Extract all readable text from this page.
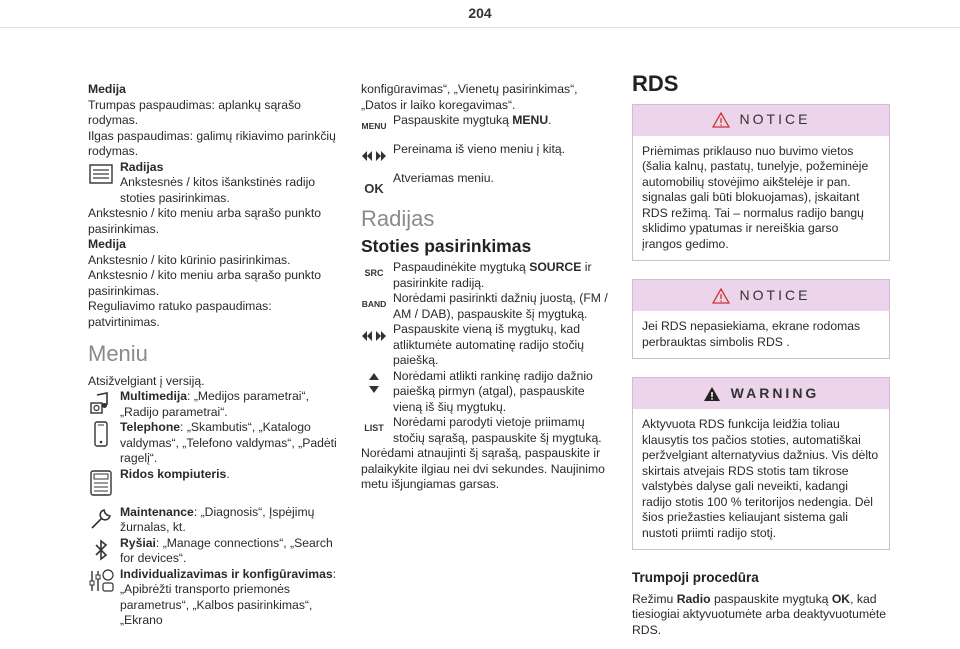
204

Medija

Trumpas paspaudimas: aplankų sąrašo rodymas.

Ilgas paspaudimas: galimų rikiavimo parinkčių rodymas.

Radijas

Ankstesnės / kitos išankstinės radijo stoties pasirinkimas.

Ankstesnio / kito meniu arba sąrašo punkto pasirinkimas.

Medija

Ankstesnio / kito kūrinio pasirinkimas.

Ankstesnio / kito meniu arba sąrašo punkto pasirinkimas.

Reguliavimo ratuko paspaudimas: patvirtinimas.

Meniu

Atsižvelgiant į versiją.

Multimedija: „Medijos parametrai“, „Radijo parametrai“.

Telephone: „Skambutis“, „Katalogo valdymas“, „Telefono valdymas“, „Padėti ragelį“.

Ridos kompiuteris.

Maintenance: „Diagnosis“, Įspėjimų žurnalas, kt.

Ryšiai: „Manage connections“, „Search for devices“.

Individualizavimas ir konfigūravimas: „Apibrėžti transporto priemonės parametrus“, „Kalbos pasirinkimas“, „Ekrano

konfigūravimas“, „Vienetų pasirinkimas“, „Datos ir laiko koregavimas“.

MENU Paspauskite mygtuką MENU.

Pereinama iš vieno meniu į kitą.

OK

Atveriamas meniu.

Radijas
Stoties pasirinkimas
SRC Paspaudinėkite mygtuką SOURCE ir pasirinkite radiją.

BAND Norėdami pasirinkti dažnių juostą, (FM / AM / DAB), paspauskite šį mygtuką.

Paspauskite vieną iš mygtukų, kad atliktumėte automatinę radijo stočių paiešką.

Norėdami atlikti rankinę radijo dažnio paiešką pirmyn (atgal), paspauskite vieną iš šių mygtukų.

LIST Norėdami parodyti vietoje priimamų stočių sąrašą, paspauskite šį mygtuką.

Norėdami atnaujinti šį sąrašą, paspauskite ir palaikykite ilgiau nei dvi sekundes. Naujinimo metu išjungiamas garsas.

RDS
NOTICE
Priėmimas priklauso nuo buvimo vietos (šalia kalnų, pastatų, tunelyje, požeminėje automobilių stovėjimo aikštelėje ir pan. signalas gali būti blokuojamas), įskaitant RDS režimą. Tai – normalus radijo bangų sklidimo ypatumas ir nereiškia garso įrangos gedimo.
NOTICE
Jei RDS nepasiekiama, ekrane rodomas perbrauktas simbolis RDS .
WARNING
Aktyvuota RDS funkcija leidžia toliau klausytis tos pačios stoties, automatiškai peržvelgiant alternatyvius dažnius. Vis dėlto skirtais atvejais RDS stotis tam tikrose valstybės dalyse gali neveikti, kadangi radijo stotis 100 % teritorijos nedengia. Dėl šios priežasties keliaujant sistema gali nustoti priimti radijo stotį.
Trumpoji procedūra

Režimu Radio paspauskite mygtuką OK, kad tiesiogiai aktyvuotumėte arba deaktyvuotumėte RDS.
